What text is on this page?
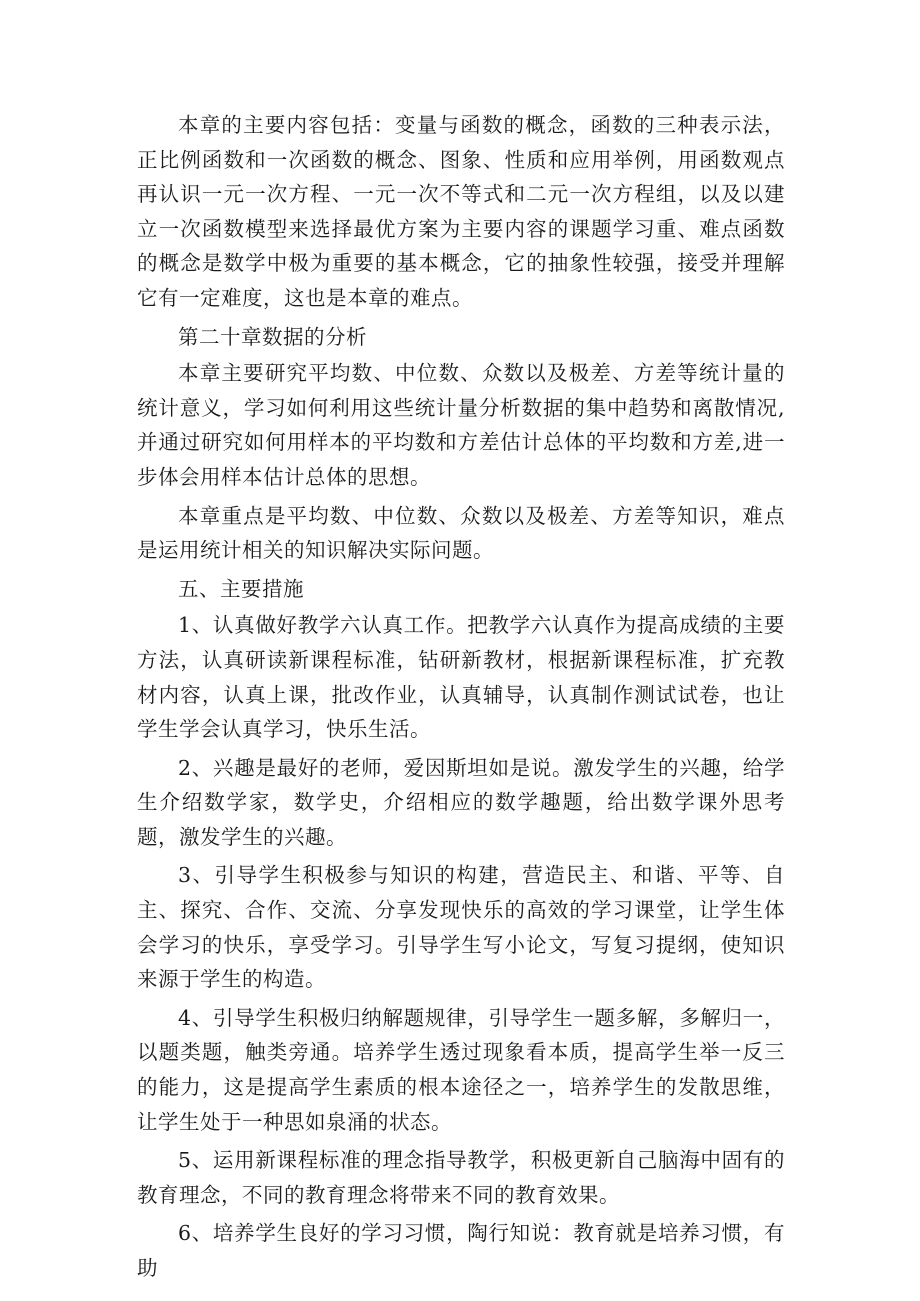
本章的主要内容包括：变量与函数的概念，函数的三种表示法，正比例函数和一次函数的概念、图象、性质和应用举例，用函数观点再认识一元一次方程、一元一次不等式和二元一次方程组，以及以建立一次函数模型来选择最优方案为主要内容的课题学习重、难点函数的概念是数学中极为重要的基本概念，它的抽象性较强，接受并理解它有一定难度，这也是本章的难点。

第二十章数据的分析

本章主要研究平均数、中位数、众数以及极差、方差等统计量的统计意义，学习如何利用这些统计量分析数据的集中趋势和离散情况,并通过研究如何用样本的平均数和方差估计总体的平均数和方差,进一步体会用样本估计总体的思想。

本章重点是平均数、中位数、众数以及极差、方差等知识，难点是运用统计相关的知识解决实际问题。

五、主要措施

1、认真做好教学六认真工作。把教学六认真作为提高成绩的主要方法，认真研读新课程标准，钻研新教材，根据新课程标准，扩充教材内容，认真上课，批改作业，认真辅导，认真制作测试试卷，也让学生学会认真学习，快乐生活。

2、兴趣是最好的老师，爱因斯坦如是说。激发学生的兴趣，给学生介绍数学家，数学史，介绍相应的数学趣题，给出数学课外思考题，激发学生的兴趣。

3、引导学生积极参与知识的构建，营造民主、和谐、平等、自主、探究、合作、交流、分享发现快乐的高效的学习课堂，让学生体会学习的快乐，享受学习。引导学生写小论文，写复习提纲，使知识来源于学生的构造。

4、引导学生积极归纳解题规律，引导学生一题多解，多解归一，以题类题，触类旁通。培养学生透过现象看本质，提高学生举一反三的能力，这是提高学生素质的根本途径之一，培养学生的发散思维，让学生处于一种思如泉涌的状态。

5、运用新课程标准的理念指导教学，积极更新自己脑海中固有的教育理念，不同的教育理念将带来不同的教育效果。

6、培养学生良好的学习习惯，陶行知说：教育就是培养习惯，有助
